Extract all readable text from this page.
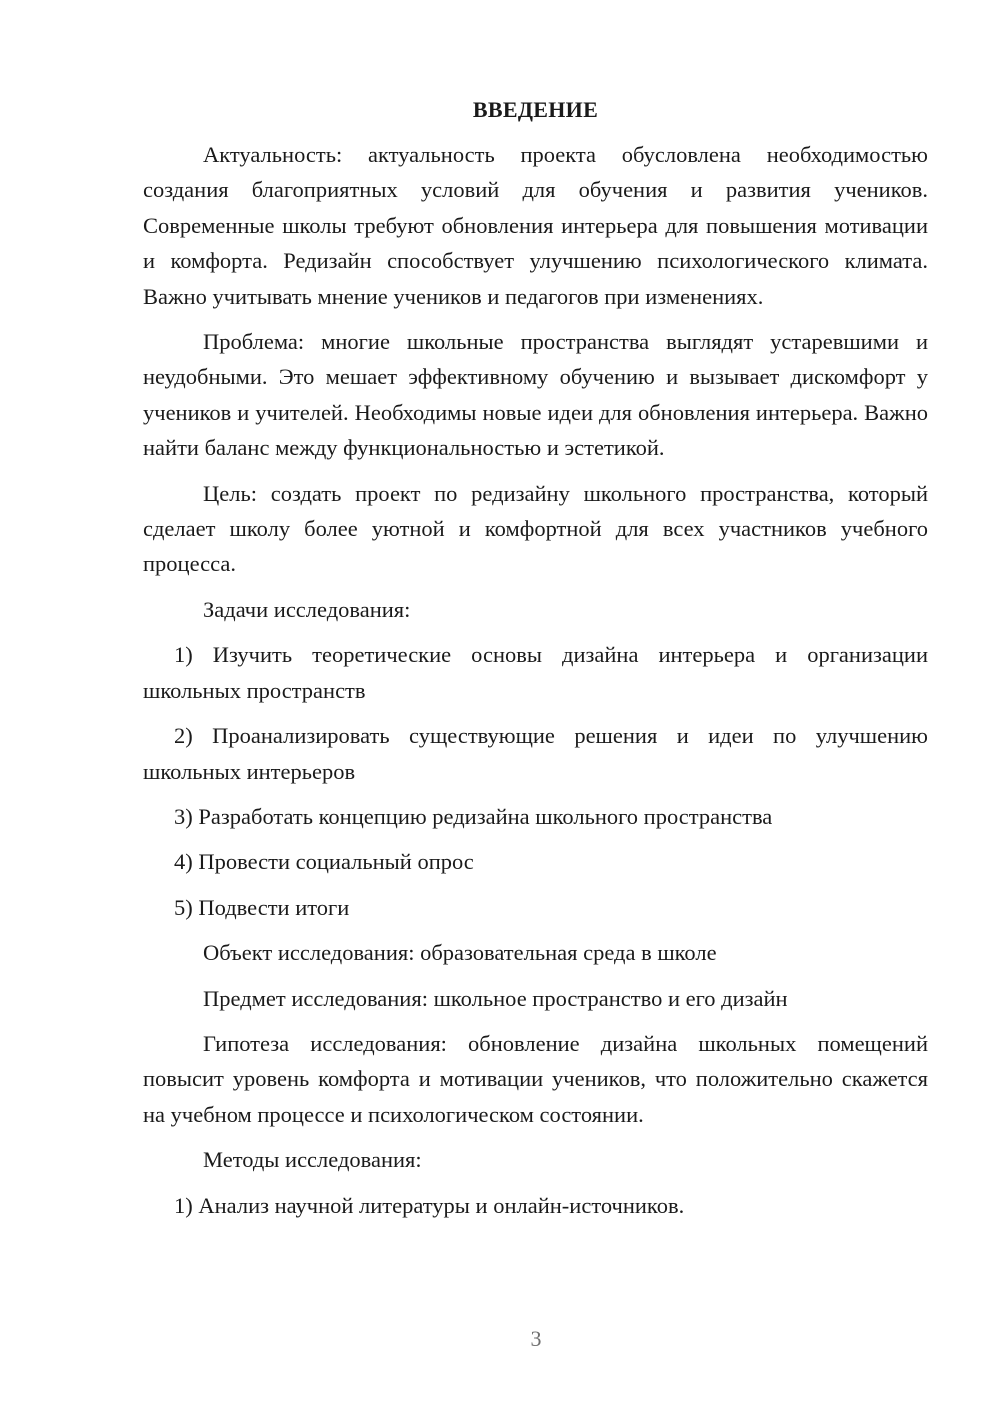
ВВЕДЕНИЕ

Актуальность: актуальность проекта обусловлена необходимостью создания благоприятных условий для обучения и развития учеников. Современные школы требуют обновления интерьера для повышения мотивации и комфорта. Редизайн способствует улучшению психологического климата. Важно учитывать мнение учеников и педагогов при изменениях.

Проблема: многие школьные пространства выглядят устаревшими и неудобными. Это мешает эффективному обучению и вызывает дискомфорт у учеников и учителей. Необходимы новые идеи для обновления интерьера. Важно найти баланс между функциональностью и эстетикой.

Цель: создать проект по редизайну школьного пространства, который сделает школу более уютной и комфортной для всех участников учебного процесса.

Задачи исследования:

1) Изучить теоретические основы дизайна интерьера и организации школьных пространств

2) Проанализировать существующие решения и идеи по улучшению школьных интерьеров

3) Разработать концепцию редизайна школьного пространства

4) Провести социальный опрос

5) Подвести итоги

Объект исследования: образовательная среда в школе

Предмет исследования: школьное пространство и его дизайн

Гипотеза исследования: обновление дизайна школьных помещений повысит уровень комфорта и мотивации учеников, что положительно скажется на учебном процессе и психологическом состоянии.

Методы исследования:

1) Анализ научной литературы и онлайн-источников.

3
